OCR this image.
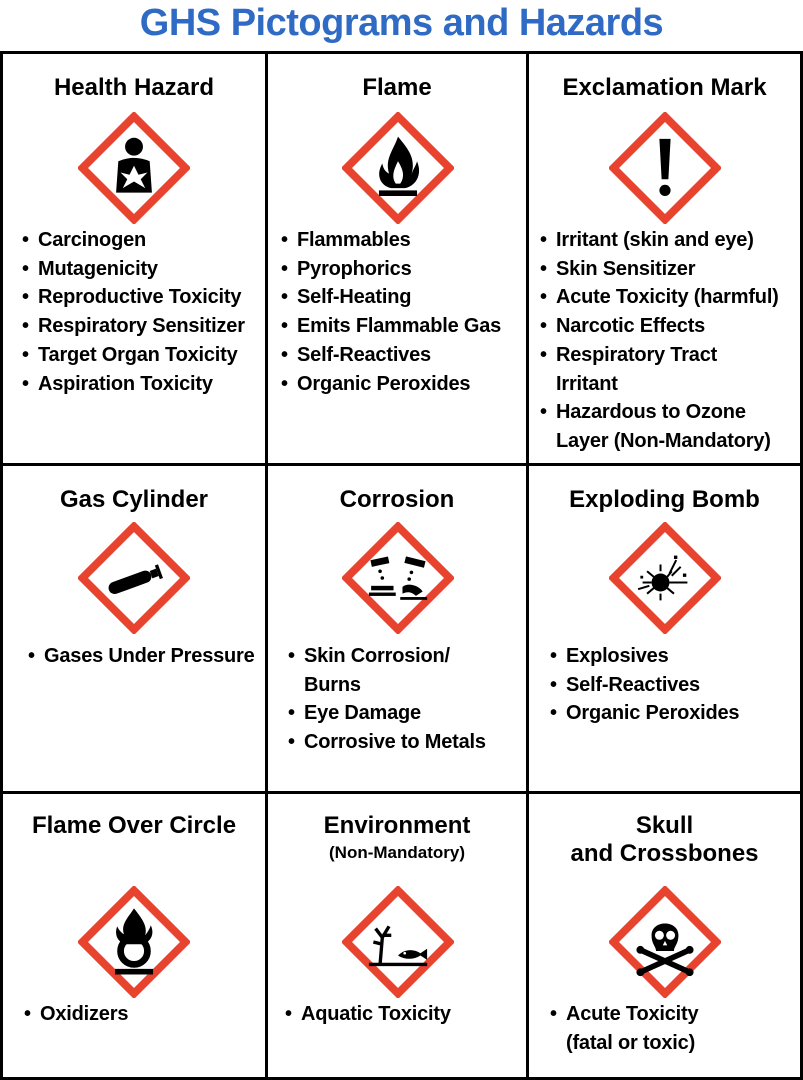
GHS Pictograms and Hazards
Health Hazard
• Carcinogen
• Mutagenicity
• Reproductive Toxicity
• Respiratory Sensitizer
• Target Organ Toxicity
• Aspiration Toxicity
Flame
• Flammables
• Pyrophorics
• Self-Heating
• Emits Flammable Gas
• Self-Reactives
• Organic Peroxides
Exclamation Mark
• Irritant (skin and eye)
• Skin Sensitizer
• Acute Toxicity (harmful)
• Narcotic Effects
• Respiratory Tract
Irritant
• Hazardous to Ozone
Layer (Non-Mandatory)
Gas Cylinder
• Gases Under Pressure
Corrosion
• Skin Corrosion/
Burns
• Eye Damage
• Corrosive to Metals
Exploding Bomb
• Explosives
• Self-Reactives
• Organic Peroxides
Flame Over Circle
• Oxidizers
Environment
(Non-Mandatory)
• Aquatic Toxicity
Skull
and Crossbones
• Acute Toxicity
(fatal or toxic)
